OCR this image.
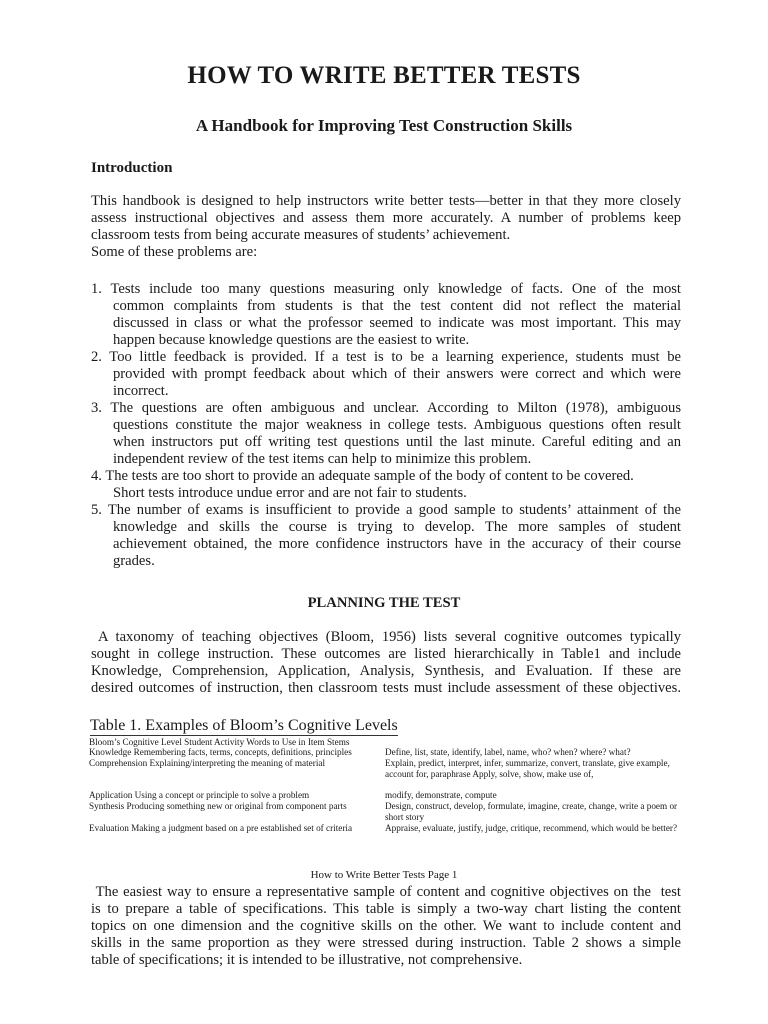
HOW TO WRITE BETTER TESTS
A Handbook for Improving Test Construction Skills
Introduction
This handbook is designed to help instructors write better tests—better in that they more closely
assess instructional objectives and assess them more accurately. A number of problems keep
classroom tests from being accurate measures of students’ achievement.
Some of these problems are:
1. Tests include too many questions measuring only knowledge of facts. One of the most
common complaints from students is that the test content did not reflect the material
discussed in class or what the professor seemed to indicate was most important. This may
happen because knowledge questions are the easiest to write.
2. Too little feedback is provided. If a test is to be a learning experience, students must be
provided with prompt feedback about which of their answers were correct and which were
incorrect.
3. The questions are often ambiguous and unclear. According to Milton (1978), ambiguous
questions constitute the major weakness in college tests. Ambiguous questions often result
when instructors put off writing test questions until the last minute. Careful editing and an
independent review of the test items can help to minimize this problem.
4. The tests are too short to provide an adequate sample of the body of content to be covered.
Short tests introduce undue error and are not fair to students.
5. The number of exams is insufficient to provide a good sample to students’ attainment of the
knowledge and skills the course is trying to develop. The more samples of student
achievement obtained, the more confidence instructors have in the accuracy of their course
grades.
PLANNING THE TEST
A taxonomy of teaching objectives (Bloom, 1956) lists several cognitive outcomes typically
sought in college instruction. These outcomes are listed hierarchically in Table1 and include
Knowledge, Comprehension, Application, Analysis, Synthesis, and Evaluation. If these are
desired outcomes of instruction, then classroom tests must include assessment of these objectives.
Table 1. Examples of Bloom’s Cognitive Levels
Bloom’s Cognitive Level Student Activity Words to Use in Item Stems
Knowledge Remembering facts, terms, concepts, definitions, principles	Define, list, state, identify, label, name, who? when? where? what?
Comprehension Explaining/interpreting the meaning of material	Explain, predict, interpret, infer, summarize, convert, translate, give example, account for, paraphrase Apply, solve, show, make use of,
Application Using a concept or principle to solve a problem	modify, demonstrate, compute
Synthesis Producing something new or original from component parts	Design, construct, develop, formulate, imagine, create, change, write a poem or short story
Evaluation Making a judgment based on a pre established set of criteria	Appraise, evaluate, justify, judge, critique, recommend, which would be better?
How to Write Better Tests Page 1
The easiest way to ensure a representative sample of content and cognitive objectives on the  test
is to prepare a table of specifications. This table is simply a two-way chart listing the content
topics on one dimension and the cognitive skills on the other. We want to include content and
skills in the same proportion as they were stressed during instruction. Table 2 shows a simple
table of specifications; it is intended to be illustrative, not comprehensive.
